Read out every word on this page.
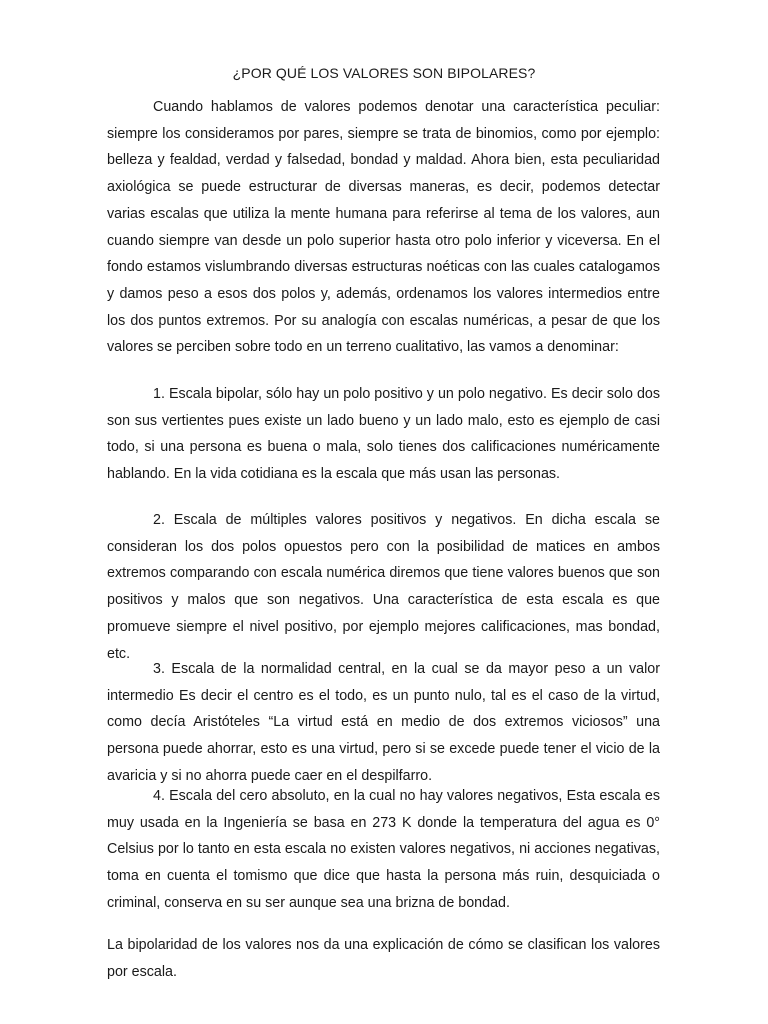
¿POR QUÉ LOS VALORES SON BIPOLARES?

Cuando hablamos de valores podemos denotar una característica peculiar: siempre los consideramos por pares, siempre se trata de binomios, como por ejemplo: belleza y fealdad, verdad y falsedad, bondad y maldad. Ahora bien, esta peculiaridad axiológica se puede estructurar de diversas maneras, es decir, podemos detectar varias escalas que utiliza la mente humana para referirse al tema de los valores, aun cuando siempre van desde un polo superior hasta otro polo inferior y viceversa. En el fondo estamos vislumbrando diversas estructuras noéticas con las cuales catalogamos y damos peso a esos dos polos y, además, ordenamos los valores intermedios entre los dos puntos extremos. Por su analogía con escalas numéricas, a pesar de que los valores se perciben sobre todo en un terreno cualitativo, las vamos a denominar:

1. Escala bipolar, sólo hay un polo positivo y un polo negativo. Es decir solo dos son sus vertientes pues existe un lado bueno y un lado malo, esto es ejemplo de casi todo, si una persona es buena o mala, solo tienes dos calificaciones numéricamente hablando. En la vida cotidiana es la escala que más usan las personas.

2. Escala de múltiples valores positivos y negativos. En dicha escala se consideran los dos polos opuestos pero con la posibilidad de matices en ambos extremos comparando con escala numérica diremos que tiene valores buenos que son positivos y malos que son negativos. Una característica de esta escala es que promueve siempre el nivel positivo, por ejemplo mejores calificaciones, mas bondad, etc.

3. Escala de la normalidad central, en la cual se da mayor peso a un valor intermedio Es decir el centro es el todo, es un punto nulo, tal es el caso de la virtud, como decía Aristóteles “La virtud está en medio de dos extremos viciosos” una persona puede ahorrar, esto es una virtud, pero si se excede puede tener el vicio de la avaricia y si no ahorra puede caer en el despilfarro.

4. Escala del cero absoluto, en la cual no hay valores negativos, Esta escala es muy usada en la Ingeniería se basa en 273 K donde la temperatura del agua es 0° Celsius por lo tanto en esta escala no existen valores negativos, ni acciones negativas, toma en cuenta el tomismo que dice que hasta la persona más ruin, desquiciada o criminal, conserva en su ser aunque sea una brizna de bondad.

La bipolaridad de los valores nos da una explicación de cómo se clasifican los valores por escala.
